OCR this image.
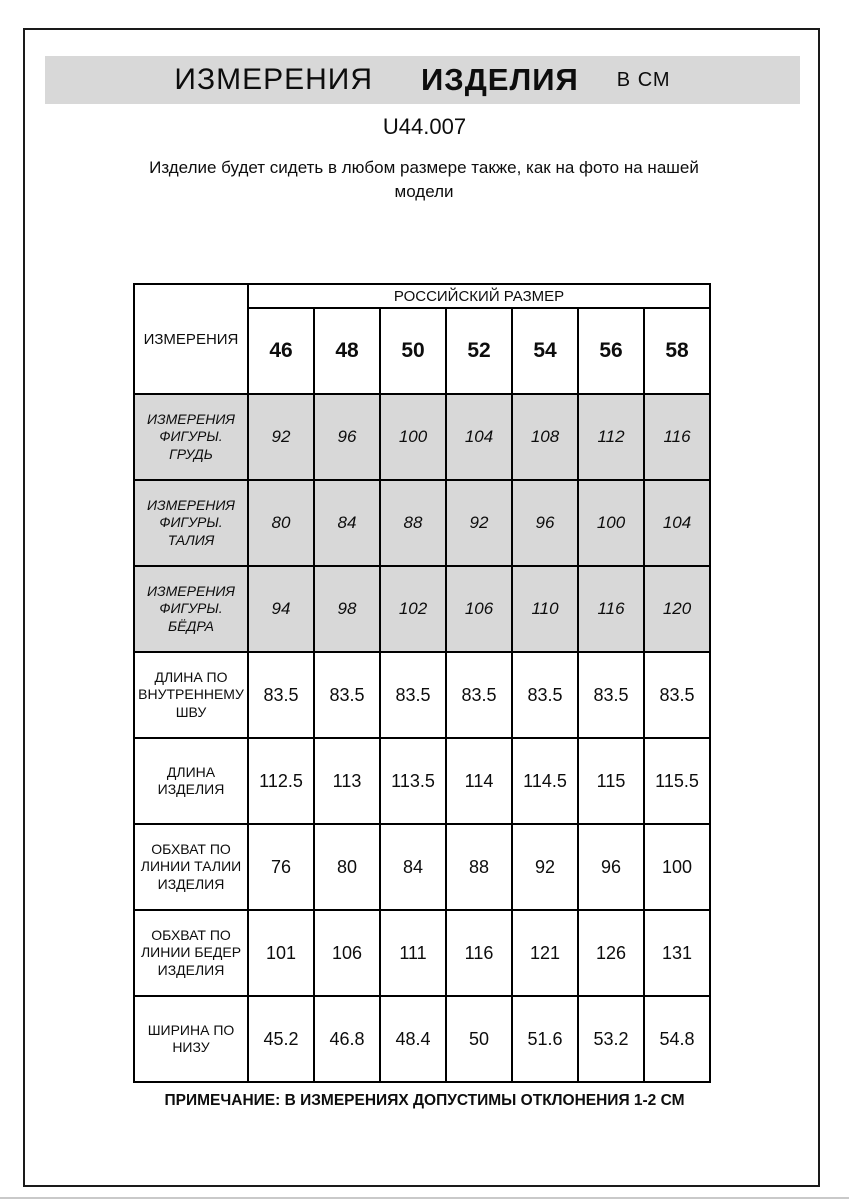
ИЗМЕРЕНИЯ ИЗДЕЛИЯ В СМ
U44.007
Изделие будет сидеть в любом размере также, как на фото на нашей модели
ИЗМЕРЕНИЯ	РОССИЙСКИЙ РАЗМЕР						
	46	48	50	52	54	56	58
ИЗМЕРЕНИЯ ФИГУРЫ. ГРУДЬ	92	96	100	104	108	112	116
ИЗМЕРЕНИЯ ФИГУРЫ. ТАЛИЯ	80	84	88	92	96	100	104
ИЗМЕРЕНИЯ ФИГУРЫ. БЁДРА	94	98	102	106	110	116	120
ДЛИНА ПО ВНУТРЕННЕМУ ШВУ	83.5	83.5	83.5	83.5	83.5	83.5	83.5
ДЛИНА ИЗДЕЛИЯ	112.5	113	113.5	114	114.5	115	115.5
ОБХВАТ ПО ЛИНИИ ТАЛИИ ИЗДЕЛИЯ	76	80	84	88	92	96	100
ОБХВАТ ПО ЛИНИИ БЕДЕР ИЗДЕЛИЯ	101	106	111	116	121	126	131
ШИРИНА ПО НИЗУ	45.2	46.8	48.4	50	51.6	53.2	54.8
ПРИМЕЧАНИЕ: В ИЗМЕРЕНИЯХ ДОПУСТИМЫ ОТКЛОНЕНИЯ 1-2 СМ
